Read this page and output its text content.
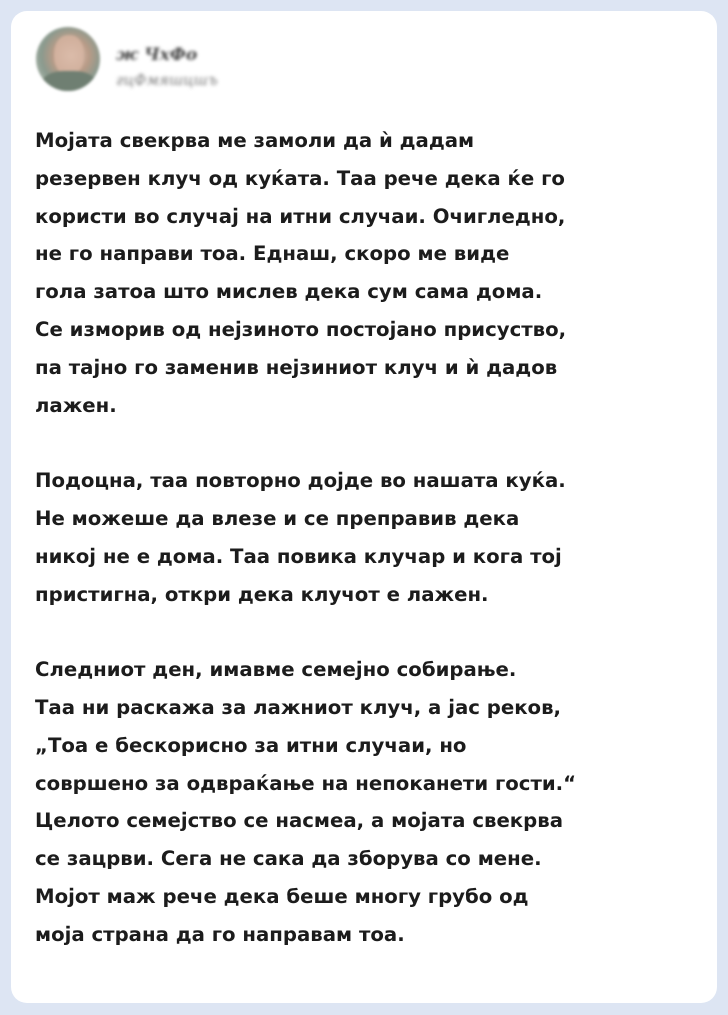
ж ЧхФо
гцФмяшцшъ

Мојата свекрва ме замоли да ѝ дадам
резервен клуч од куќата. Таа рече дека ќе го
користи во случај на итни случаи. Очигледно,
не го направи тоа. Еднаш, скоро ме виде
гола затоа што мислев дека сум сама дома.
Се изморив од нејзиното постојано присуство,
па тајно го заменив нејзиниот клуч и ѝ дадов
лажен.

Подоцна, таа повторно дојде во нашата куќа.
Не можеше да влезе и се преправив дека
никој не е дома. Таа повика клучар и кога тој
пристигна, откри дека клучот е лажен.

Следниот ден, имавме семејно собирање.
Таа ни раскажа за лажниот клуч, а јас реков,
„Тоа е бескорисно за итни случаи, но
совршено за одвраќање на непоканети гости.“
Целото семејство се насмеа, а мојата свекрва
се зацрви. Сега не сака да зборува со мене.
Мојот маж рече дека беше многу грубо од
моја страна да го направам тоа.
